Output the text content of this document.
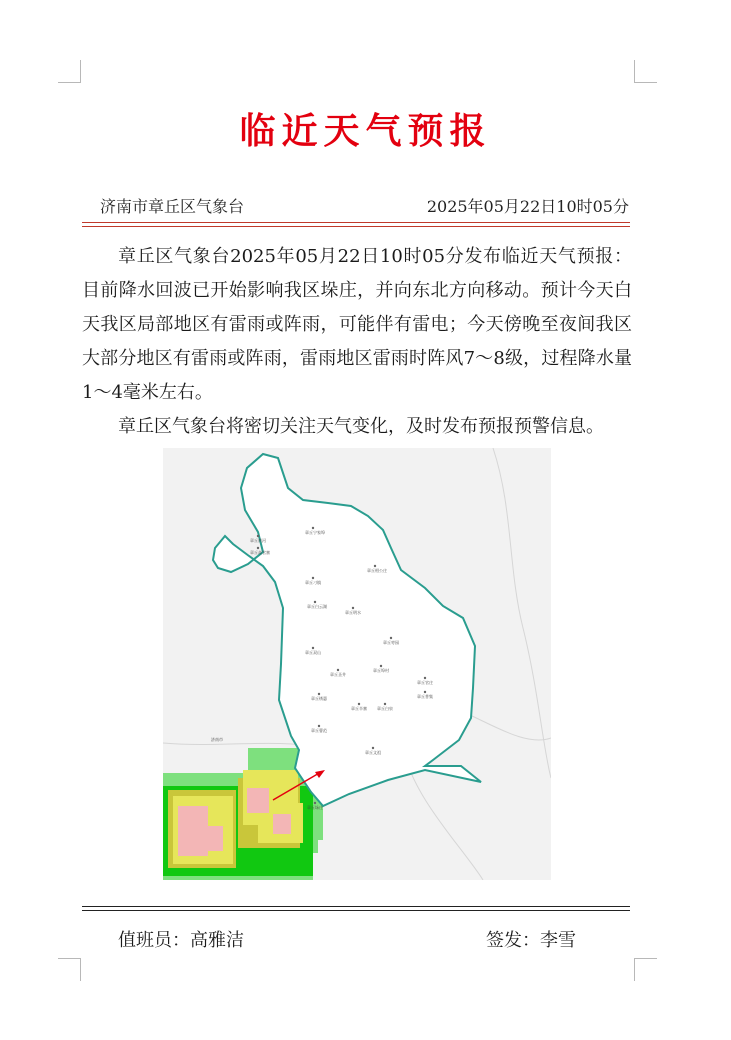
临近天气预报
济南市章丘区气象台	2025年05月22日10时05分

章丘区气象台2025年05月22日10时05分发布临近天气预报：目前降水回波已开始影响我区垛庄，并向东北方向移动。预计今天白天我区局部地区有雷雨或阵雨，可能伴有雷电；今天傍晚至夜间我区大部分地区有雷雨或阵雨，雷雨地区雷雨时阵风7～8级，过程降水量1～4毫米左右。

章丘区气象台将密切关注天气变化，及时发布预报预警信息。

济南市
章丘黄河
章丘高官寨
章丘宁家埠
章丘刁镇
章丘白云湖
章丘明水
章丘相公庄
章丘枣园
章丘埠村
章丘官庄
章丘双山
章丘圣井
章丘普集
章丘绣惠
章丘辛寨
章丘文祖
章丘曹范
章丘垛庄
章丘白泉
值班员：高雅洁	签发：李雪
